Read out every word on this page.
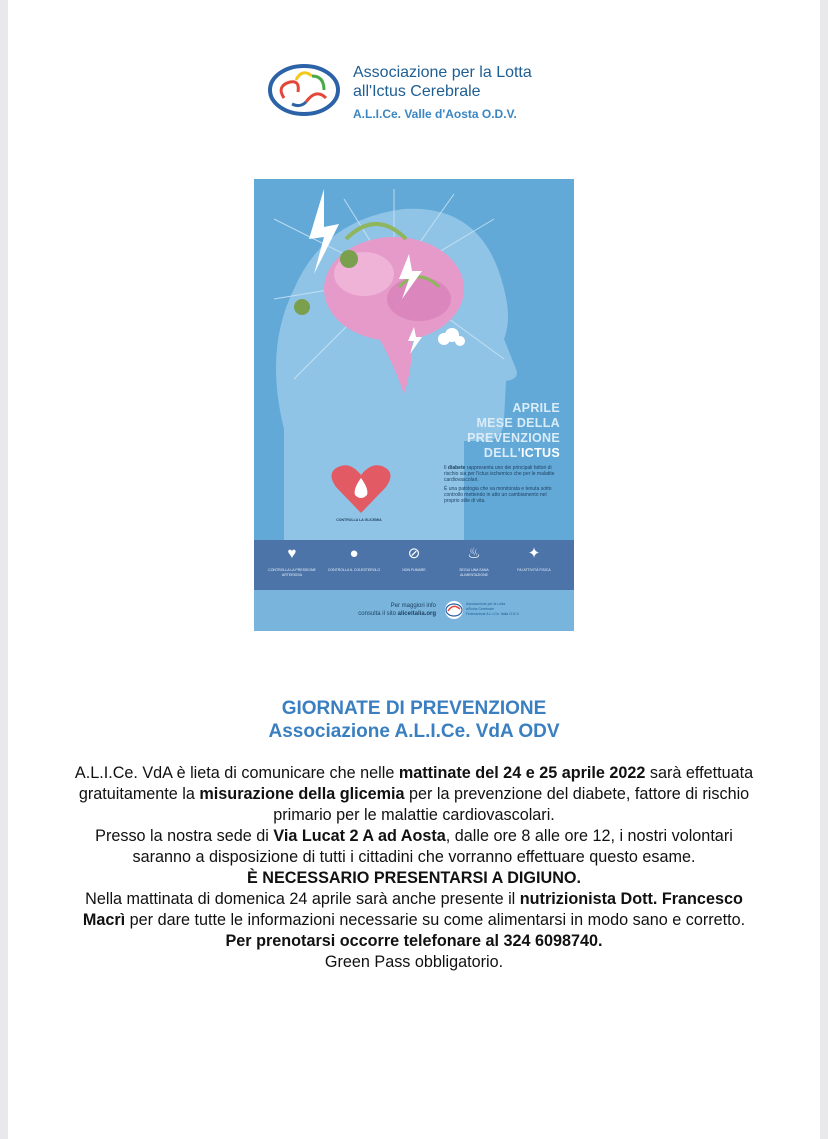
Associazione per la Lotta
all'Ictus Cerebrale
A.L.I.Ce. Valle d'Aosta O.D.V.
APRILE
MESE DELLA
PREVENZIONE
DELL'ICTUS
Il diabete rappresenta uno dei principali fattori di rischio sia per l'ictus ischemico che per le malattie cardiovascolari.
È una patologia che va monitorata e tenuta sotto controllo mettendo in atto un cambiamento nel proprio stile di vita.
CONTROLLA LA GLICEMIA
♥
CONTROLLA LA PRESSIONE ARTERIOSA
●
CONTROLLA IL COLESTEROLO
⊘
NON FUMARE
♨
SEGUI UNA SANA ALIMENTAZIONE
✦
FAI ATTIVITÀ FISICA
Per maggiori info
consulta il sito aliceitalia.org
Associazione per la Lotta
all'Ictus Cerebrale
Federazione A.L.I.Ce. Italia O.D.V.
GIORNATE DI PREVENZIONE
Associazione A.L.I.Ce. VdA ODV

A.L.I.Ce. VdA è lieta di comunicare che nelle mattinate del 24 e 25 aprile 2022 sarà effettuata gratuitamente la misurazione della glicemia per la prevenzione del diabete, fattore di rischio primario per le malattie cardiovascolari.

Presso la nostra sede di Via Lucat 2 A ad Aosta, dalle ore 8 alle ore 12, i nostri volontari saranno a disposizione di tutti i cittadini che vorranno effettuare questo esame.

È NECESSARIO PRESENTARSI A DIGIUNO.

Nella mattinata di domenica 24 aprile sarà anche presente il nutrizionista Dott. Francesco Macrì per dare tutte le informazioni necessarie su come alimentarsi in modo sano e corretto.

Per prenotarsi occorre telefonare al 324 6098740.

Green Pass obbligatorio.
